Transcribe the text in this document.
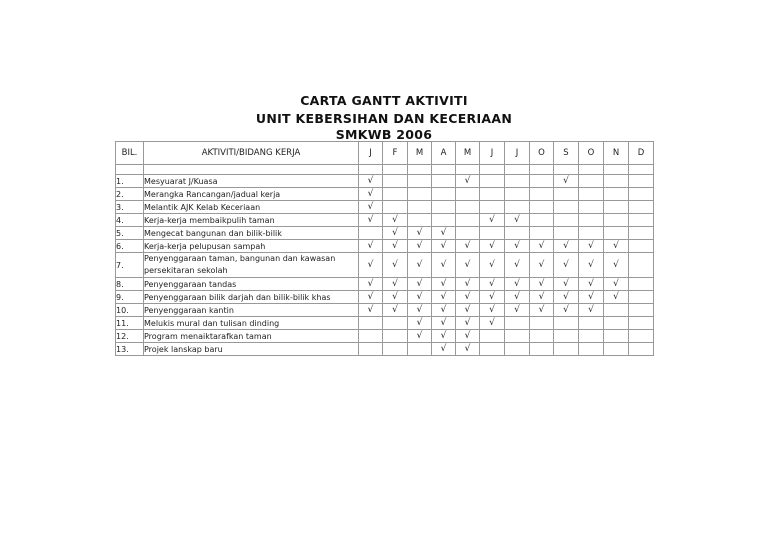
CARTA GANTT AKTIVITI
UNIT KEBERSIHAN DAN KECERIAAN
SMKWB 2006
BIL.	AKTIVITI/BIDANG KERJA	J	F	M	A	M	J	J	O	S	O	N	D

1.	Mesyuarat J/Kuasa	√				√				√			
2.	Merangka Rancangan/jadual kerja	√											
3.	Melantik AJK Kelab Keceriaan	√											
4.	Kerja-kerja membaikpulih taman	√	√				√	√					
5.	Mengecat bangunan dan bilik-bilik		√	√	√								
6.	Kerja-kerja pelupusan sampah	√	√	√	√	√	√	√	√	√	√	√	
7.	Penyenggaraan taman, bangunan dan kawasan persekitaran sekolah	√	√	√	√	√	√	√	√	√	√	√	
8.	Penyenggaraan tandas	√	√	√	√	√	√	√	√	√	√	√	
9.	Penyenggaraan bilik darjah dan bilik-bilik khas	√	√	√	√	√	√	√	√	√	√	√	
10.	Penyenggaraan kantin	√	√	√	√	√	√	√	√	√	√		
11.	Melukis mural dan tulisan dinding			√	√	√	√						
12.	Program menaiktarafkan taman			√	√	√							
13.	Projek lanskap baru				√	√							
